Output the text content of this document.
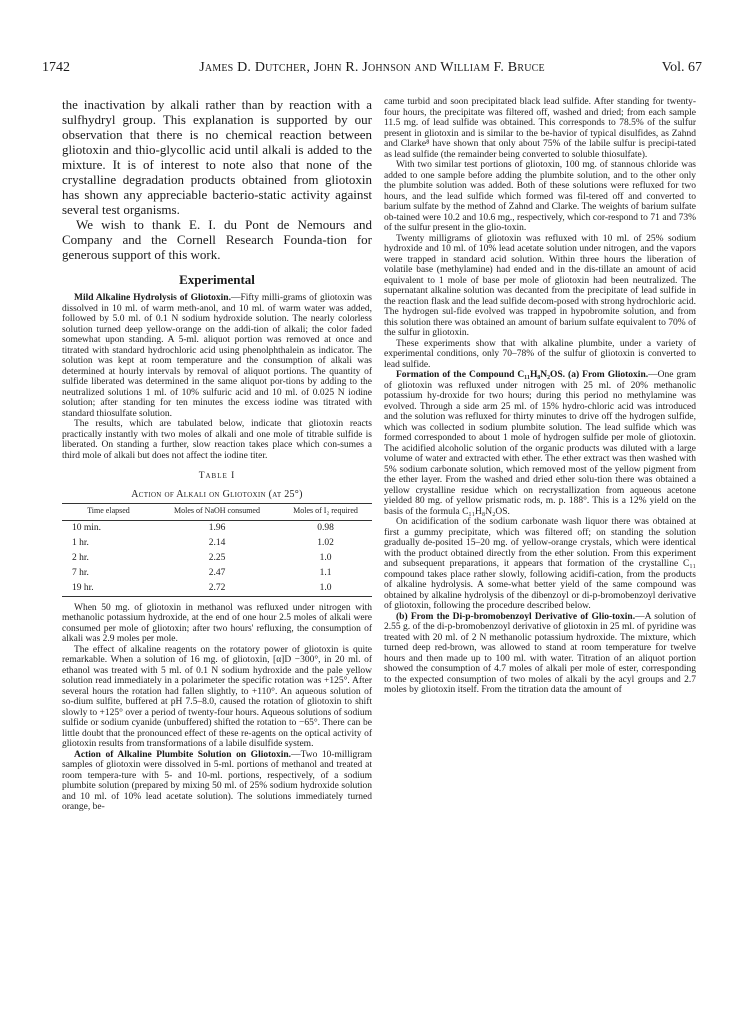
1742	James D. Dutcher, John R. Johnson and William F. Bruce	Vol. 67

the inactivation by alkali rather than by reaction with a sulfhydryl group. This explanation is supported by our observation that there is no chemical reaction between gliotoxin and thio-glycollic acid until alkali is added to the mixture. It is of interest to note also that none of the crystalline degradation products obtained from gliotoxin has shown any appreciable bacterio-static activity against several test organisms.

We wish to thank E. I. du Pont de Nemours and Company and the Cornell Research Founda-tion for generous support of this work.

Experimental

Mild Alkaline Hydrolysis of Gliotoxin.—Fifty milli-grams of gliotoxin was dissolved in 10 ml. of warm meth-anol, and 10 ml. of warm water was added, followed by 5.0 ml. of 0.1 N sodium hydroxide solution. The nearly colorless solution turned deep yellow-orange on the addi-tion of alkali; the color faded somewhat upon standing. A 5-ml. aliquot portion was removed at once and titrated with standard hydrochloric acid using phenolphthalein as indicator. The solution was kept at room temperature and the consumption of alkali was determined at hourly intervals by removal of aliquot portions. The quantity of sulfide liberated was determined in the same aliquot por-tions by adding to the neutralized solutions 1 ml. of 10% sulfuric acid and 10 ml. of 0.025 N iodine solution; after standing for ten minutes the excess iodine was titrated with standard thiosulfate solution.

The results, which are tabulated below, indicate that gliotoxin reacts practically instantly with two moles of alkali and one mole of titrable sulfide is liberated. On standing a further, slow reaction takes place which con-sumes a third mole of alkali but does not affect the iodine titer.

Table I
Action of Alkali on Gliotoxin (at 25°)
Time elapsed	Moles of NaOH consumed	Moles of I₂ required
10 min.	1.96	0.98
1 hr.	2.14	1.02
2 hr.	2.25	1.0
7 hr.	2.47	1.1
19 hr.	2.72	1.0

When 50 mg. of gliotoxin in methanol was refluxed under nitrogen with methanolic potassium hydroxide, at the end of one hour 2.5 moles of alkali were consumed per mole of gliotoxin; after two hours' refluxing, the consumption of alkali was 2.9 moles per mole.

The effect of alkaline reagents on the rotatory power of gliotoxin is quite remarkable. When a solution of 16 mg. of gliotoxin, [α]D −300°, in 20 ml. of ethanol was treated with 5 ml. of 0.1 N sodium hydroxide and the pale yellow solution read immediately in a polarimeter the specific rotation was +125°. After several hours the rotation had fallen slightly, to +110°. An aqueous solution of so-dium sulfite, buffered at pH 7.5–8.0, caused the rotation of gliotoxin to shift slowly to +125° over a period of twenty-four hours. Aqueous solutions of sodium sulfide or sodium cyanide (unbuffered) shifted the rotation to −65°. There can be little doubt that the pronounced effect of these re-agents on the optical activity of gliotoxin results from transformations of a labile disulfide system.

Action of Alkaline Plumbite Solution on Gliotoxin.—Two 10-milligram samples of gliotoxin were dissolved in 5-ml. portions of methanol and treated at room tempera-ture with 5- and 10-ml. portions, respectively, of a sodium plumbite solution (prepared by mixing 50 ml. of 25% sodium hydroxide solution and 10 ml. of 10% lead acetate solution). The solutions immediately turned orange, be-

came turbid and soon precipitated black lead sulfide. After standing for twenty-four hours, the precipitate was filtered off, washed and dried; from each sample 11.5 mg. of lead sulfide was obtained. This corresponds to 78.5% of the sulfur present in gliotoxin and is similar to the be-havior of typical disulfides, as Zahnd and Clarke⁸ have shown that only about 75% of the labile sulfur is precipi-tated as lead sulfide (the remainder being converted to soluble thiosulfate).

With two similar test portions of gliotoxin, 100 mg. of stannous chloride was added to one sample before adding the plumbite solution, and to the other only the plumbite solution was added. Both of these solutions were refluxed for two hours, and the lead sulfide which formed was fil-tered off and converted to barium sulfate by the method of Zahnd and Clarke. The weights of barium sulfate ob-tained were 10.2 and 10.6 mg., respectively, which cor-respond to 71 and 73% of the sulfur present in the glio-toxin.

Twenty milligrams of gliotoxin was refluxed with 10 ml. of 25% sodium hydroxide and 10 ml. of 10% lead acetate solution under nitrogen, and the vapors were trapped in standard acid solution. Within three hours the liberation of volatile base (methylamine) had ended and in the dis-tillate an amount of acid equivalent to 1 mole of base per mole of gliotoxin had been neutralized. The supernatant alkaline solution was decanted from the precipitate of lead sulfide in the reaction flask and the lead sulfide decom-posed with strong hydrochloric acid. The hydrogen sul-fide evolved was trapped in hypobromite solution, and from this solution there was obtained an amount of barium sulfate equivalent to 70% of the sulfur in gliotoxin.

These experiments show that with alkaline plumbite, under a variety of experimental conditions, only 70–78% of the sulfur of gliotoxin is converted to lead sulfide.

Formation of the Compound C₁₁H₈N₂OS. (a) From Gliotoxin.—One gram of gliotoxin was refluxed under nitrogen with 25 ml. of 20% methanolic potassium hy-droxide for two hours; during this period no methylamine was evolved. Through a side arm 25 ml. of 15% hydro-chloric acid was introduced and the solution was refluxed for thirty minutes to drive off the hydrogen sulfide, which was collected in sodium plumbite solution. The lead sulfide which was formed corresponded to about 1 mole of hydrogen sulfide per mole of gliotoxin. The acidified alcoholic solution of the organic products was diluted with a large volume of water and extracted with ether. The ether extract was then washed with 5% sodium carbonate solution, which removed most of the yellow pigment from the ether layer. From the washed and dried ether solu-tion there was obtained a yellow crystalline residue which on recrystallization from aqueous acetone yielded 80 mg. of yellow prismatic rods, m. p. 188°. This is a 12% yield on the basis of the formula C₁₁H₈N₂OS.

On acidification of the sodium carbonate wash liquor there was obtained at first a gummy precipitate, which was filtered off; on standing the solution gradually de-posited 15–20 mg. of yellow-orange crystals, which were identical with the product obtained directly from the ether solution. From this experiment and subsequent preparations, it appears that formation of the crystalline C₁₁ compound takes place rather slowly, following acidifi-cation, from the products of alkaline hydrolysis. A some-what better yield of the same compound was obtained by alkaline hydrolysis of the dibenzoyl or di-p-bromobenzoyl derivative of gliotoxin, following the procedure described below.

(b) From the Di-p-bromobenzoyl Derivative of Glio-toxin.—A solution of 2.55 g. of the di-p-bromobenzoyl derivative of gliotoxin in 25 ml. of pyridine was treated with 20 ml. of 2 N methanolic potassium hydroxide. The mixture, which turned deep red-brown, was allowed to stand at room temperature for twelve hours and then made up to 100 ml. with water. Titration of an aliquot portion showed the consumption of 4.7 moles of alkali per mole of ester, corresponding to the expected consumption of two moles of alkali by the acyl groups and 2.7 moles by gliotoxin itself. From the titration data the amount of
